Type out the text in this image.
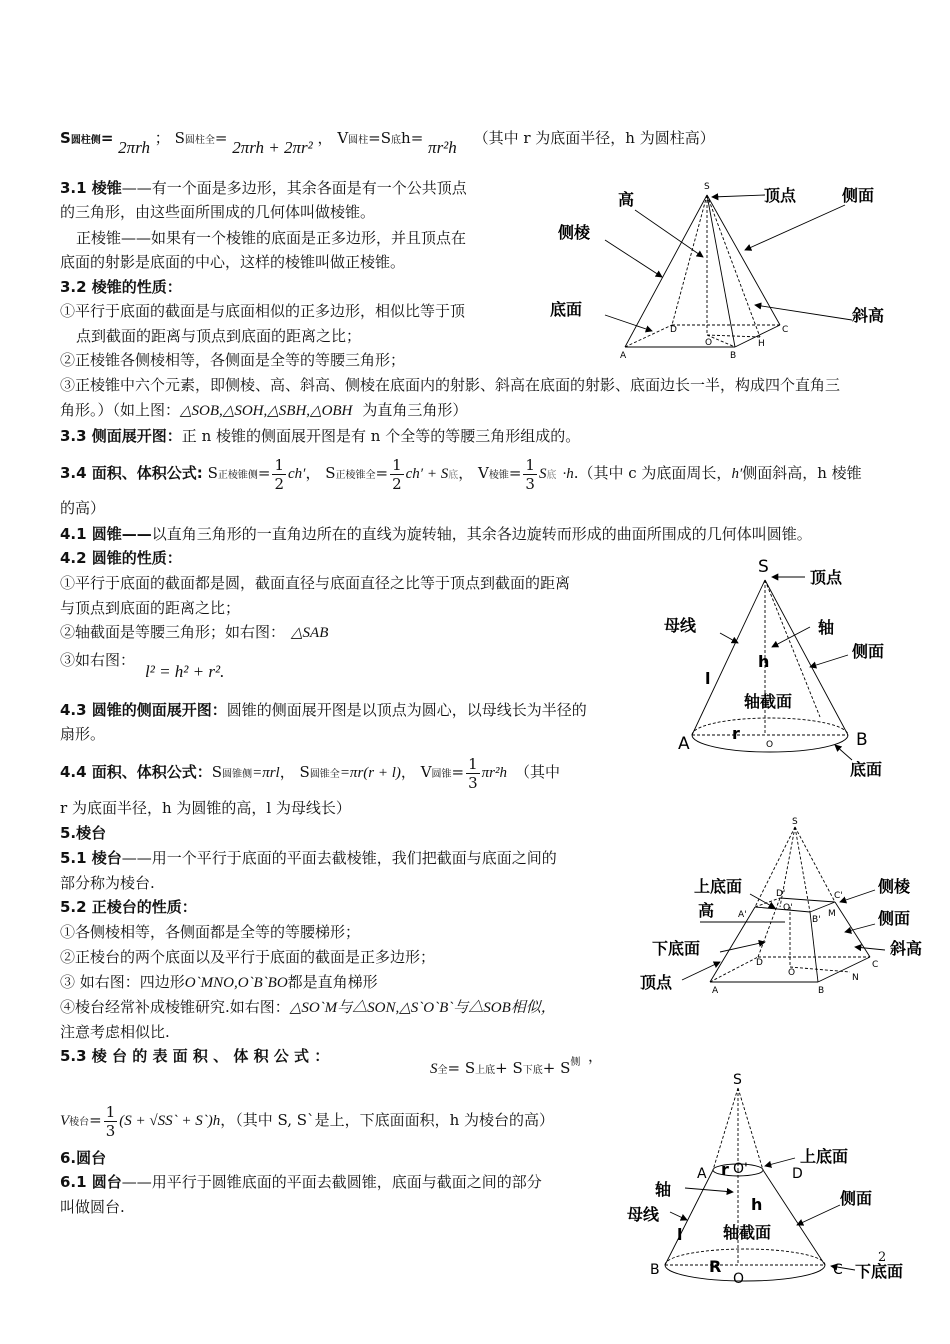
S圆柱侧= 2πrh ； S圆柱全= 2πrh + 2πr² ， V圆柱=S底h= πr²h （其中 r 为底面半径，h 为圆柱高）
3.1 棱锥——有一个面是多边形，其余各面是有一个公共顶点
的三角形，由这些面所围成的几何体叫做棱锥。
正棱锥——如果有一个棱锥的底面是正多边形，并且顶点在
底面的射影是底面的中心，这样的棱锥叫做正棱锥。
3.2 棱锥的性质：
①平行于底面的截面是与底面相似的正多边形，相似比等于顶
点到截面的距离与顶点到底面的距离之比；
②正棱锥各侧棱相等，各侧面是全等的等腰三角形；
③正棱锥中六个元素，即侧棱、高、斜高、侧棱在底面内的射影、斜高在底面的射影、底面边长一半，构成四个直角三
角形。）（如上图：△SOB,△SOH,△SBH,△OBH 为直角三角形）
3.3 侧面展开图：正 n 棱锥的侧面展开图是有 n 个全等的等腰三角形组成的。
3.4 面积、体积公式: S正棱锥侧= $\frac{1}{2} ch'$， S正棱锥全= $\frac{1}{2} ch' + S$底， V棱锥= $\frac{1}{3}$ S底 ·h.（其中 c 为底面周长，h′侧面斜高，h 棱锥
的高）
4.1 圆锥——以直角三角形的一直角边所在的直线为旋转轴，其余各边旋转而形成的曲面所围成的几何体叫圆锥。
4.2 圆锥的性质：
①平行于底面的截面都是圆，截面直径与底面直径之比等于顶点到截面的距离
与顶点到底面的距离之比；
②轴截面是等腰三角形；如右图： △SAB
③如右图：
l² = h² + r².
4.3 圆锥的侧面展开图：圆锥的侧面展开图是以顶点为圆心，以母线长为半径的
扇形。
4.4 面积、体积公式：S圆锥侧=πrl， S圆锥全=πr(r + l)， V圆锥= $\frac{1}{3} \pi r^2h$ （其中
r 为底面半径，h 为圆锥的高，l 为母线长）
5.棱台
5.1 棱台——用一个平行于底面的平面去截棱锥，我们把截面与底面之间的
部分称为棱台.
5.2 正棱台的性质：
①各侧棱相等，各侧面都是全等的等腰梯形；
②正棱台的两个底面以及平行于底面的截面是正多边形；
③ 如右图：四边形O`MNO,O`B`BO都是直角梯形
④棱台经常补成棱锥研究.如右图：△SO`M与△SON,△S`O`B`与△SOB相似，
注意考虑相似比.
5.3 棱 台 的 表 面 积 、 体 积 公 式 ：
S全= S上底+ S下底+ $S^侧$ ，
V棱台= $\frac{1}{3} (S$ + √SS` + S`)h，（其中 S, S`是上，下底面面积，h 为棱台的高）
6.圆台
6.1 圆台——用平行于圆锥底面的平面去截圆锥，底面与截面之间的部分
叫做圆台.
S
高	顶点	侧面
侧棱
底面	斜高
A	B
C
D
O	H
S
顶点
母线	轴
侧面
l
h
轴截面
A	B
r
O
底面
S
上底面	侧棱
高	侧面
下底面	斜高
顶点
D'	C'
A'
O'
M
B'
D
O
C
N
A	B
S
A r O'	D
上底面
轴
h	侧面
母线
轴截面
l
B	R
O
C 下底面
2
